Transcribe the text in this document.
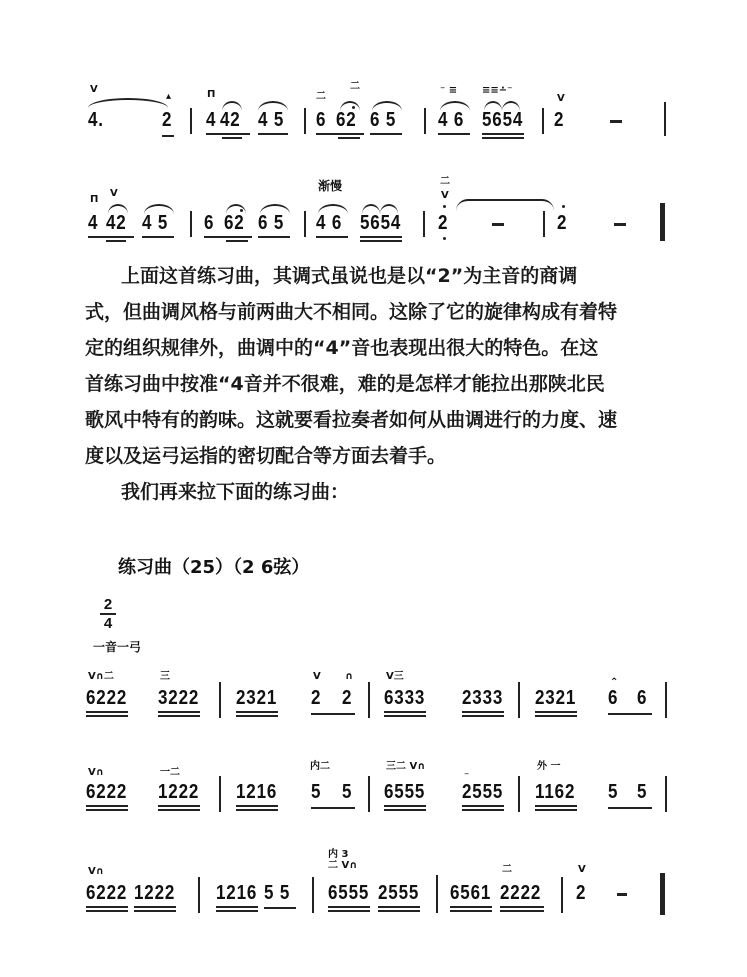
V
4.
▴
2
П
4 42 4 5
二
6
二
62 6 5
⁻ ≡
4 6
≡≡∸⁻
5654
V
2
渐慢
П
4
V
42 4 5 6 62 6 5 4 6 5654
二
V
2	2

上面这首练习曲，其调式虽说也是以“2”为主音的商调

式，但曲调风格与前两曲大不相同。这除了它的旋律构成有着特

定的组织规律外，曲调中的“4”音也表现出很大的特色。在这

首练习曲中按准“4音并不很难，难的是怎样才能拉出那陕北民

歌风中特有的韵味。这就要看拉奏者如何从曲调进行的力度、速

度以及运弓运指的密切配合等方面去着手。

我们再来拉下面的练习曲：

练习曲（25）（2 6弦）
2
4
一音一弓
V∩二
6222
三
3222 2321
V
2
∩
2
V三
6333 2333 2321
⌃
6 6
V∩
6222
一二
1222 1216
内二
5 5
三二 V∩
6555
⁻
2555
外 一
1162 5 5
V∩
6222 1222 1216 5 5
内 3二 V∩
6555 2555 6561
二
2222
V
2
